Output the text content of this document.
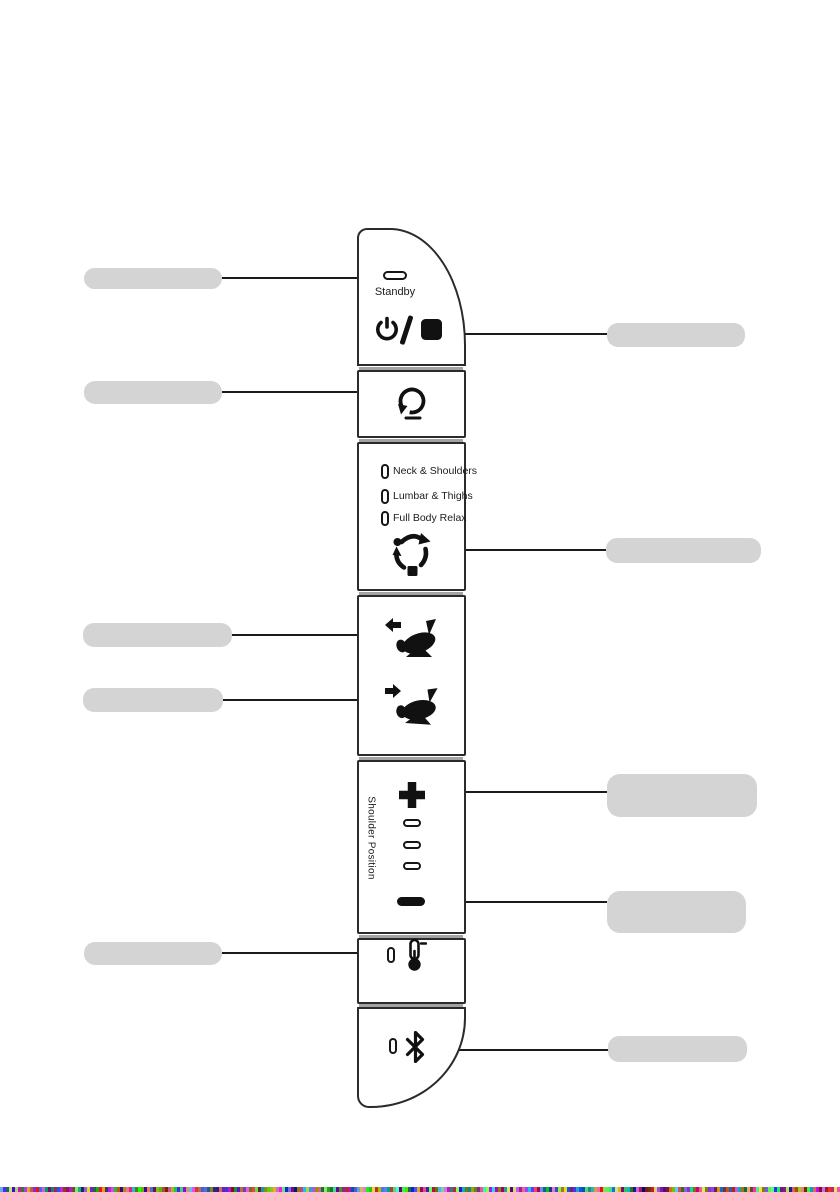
Standby
Neck & Shoulders
Lumbar & Thighs
Full Body Relax
Shoulder Position
